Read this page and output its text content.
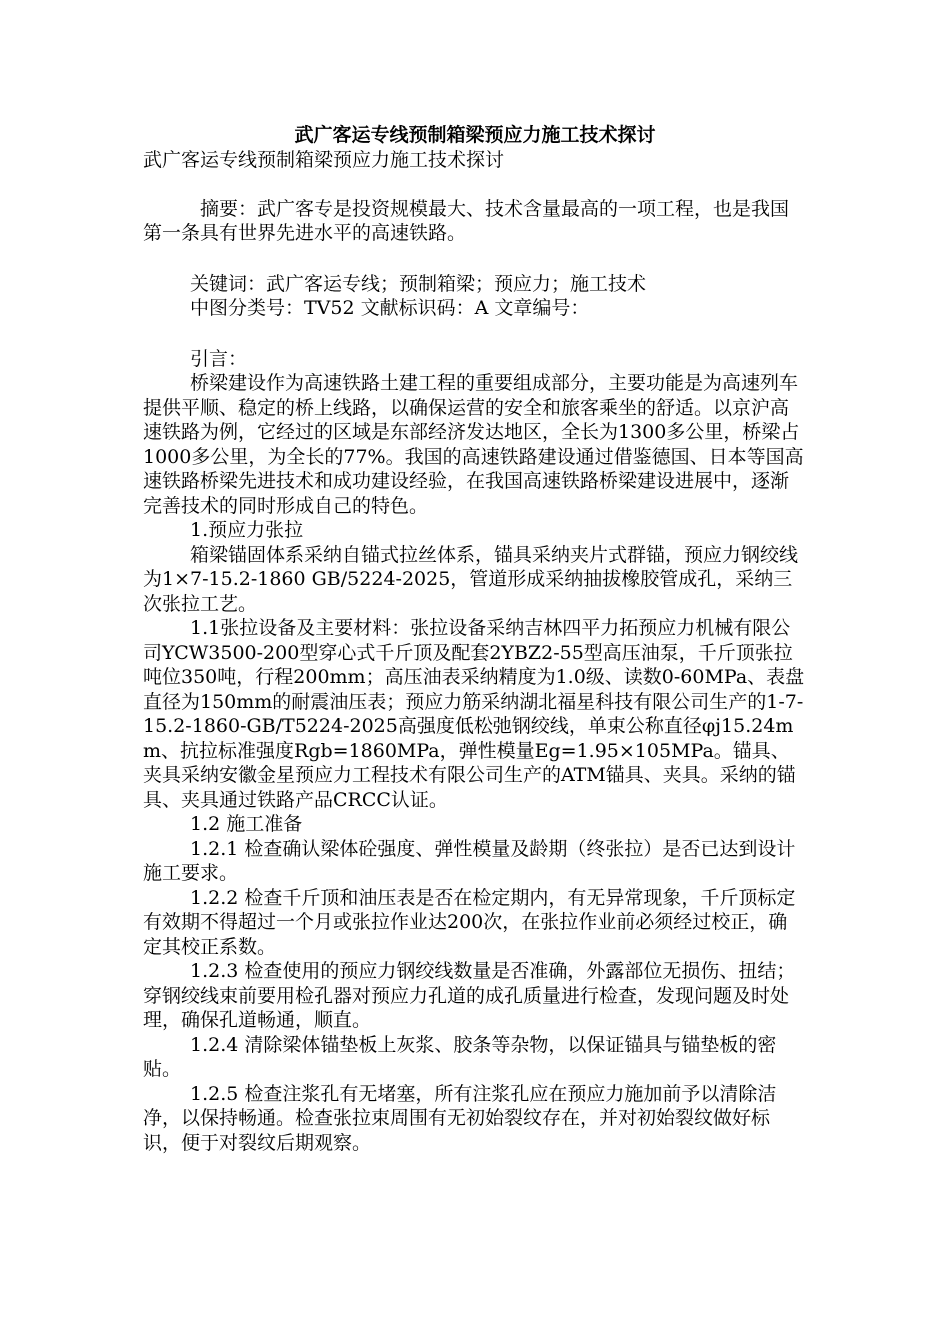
武广客运专线预制箱梁预应力施工技术探讨

武广客运专线预制箱梁预应力施工技术探讨

摘要：武广客专是投资规模最大、技术含量最高的一项工程，也是我国第一条具有世界先进水平的高速铁路。

关键词：武广客运专线；预制箱梁；预应力；施工技术

中图分类号：TV52 文献标识码：A 文章编号：

引言：

桥梁建设作为高速铁路土建工程的重要组成部分，主要功能是为高速列车提供平顺、稳定的桥上线路，以确保运营的安全和旅客乘坐的舒适。以京沪高速铁路为例，它经过的区域是东部经济发达地区，全长为1300多公里，桥梁占1000多公里，为全长的77%。我国的高速铁路建设通过借鉴德国、日本等国高速铁路桥梁先进技术和成功建设经验，在我国高速铁路桥梁建设进展中，逐渐完善技术的同时形成自己的特色。

1.预应力张拉

箱梁锚固体系采纳自锚式拉丝体系，锚具采纳夹片式群锚，预应力钢绞线为1×7-15.2-1860 GB/5224-2025，管道形成采纳抽拔橡胶管成孔，采纳三次张拉工艺。

1.1张拉设备及主要材料：张拉设备采纳吉林四平力拓预应力机械有限公司YCW3500-200型穿心式千斤顶及配套2YBZ2-55型高压油泵，千斤顶张拉吨位350吨，行程200mm；高压油表采纳精度为1.0级、读数0-60MPa、表盘直径为150mm的耐震油压表；预应力筋采纳湖北福星科技有限公司生产的1-7-15.2-1860-GB/T5224-2025高强度低松弛钢绞线，单束公称直径φj15.24mm、抗拉标准强度Rgb=1860MPa，弹性模量Eg=1.95×105MPa。锚具、夹具采纳安徽金星预应力工程技术有限公司生产的ATM锚具、夹具。采纳的锚具、夹具通过铁路产品CRCC认证。

1.2 施工准备

1.2.1 检查确认梁体砼强度、弹性模量及龄期（终张拉）是否已达到设计施工要求。

1.2.2 检查千斤顶和油压表是否在检定期内，有无异常现象，千斤顶标定有效期不得超过一个月或张拉作业达200次，在张拉作业前必须经过校正，确定其校正系数。

1.2.3 检查使用的预应力钢绞线数量是否准确，外露部位无损伤、扭结；穿钢绞线束前要用检孔器对预应力孔道的成孔质量进行检查，发现问题及时处理，确保孔道畅通，顺直。

1.2.4 清除梁体锚垫板上灰浆、胶条等杂物，以保证锚具与锚垫板的密贴。

1.2.5 检查注浆孔有无堵塞，所有注浆孔应在预应力施加前予以清除洁净，以保持畅通。检查张拉束周围有无初始裂纹存在，并对初始裂纹做好标识，便于对裂纹后期观察。
